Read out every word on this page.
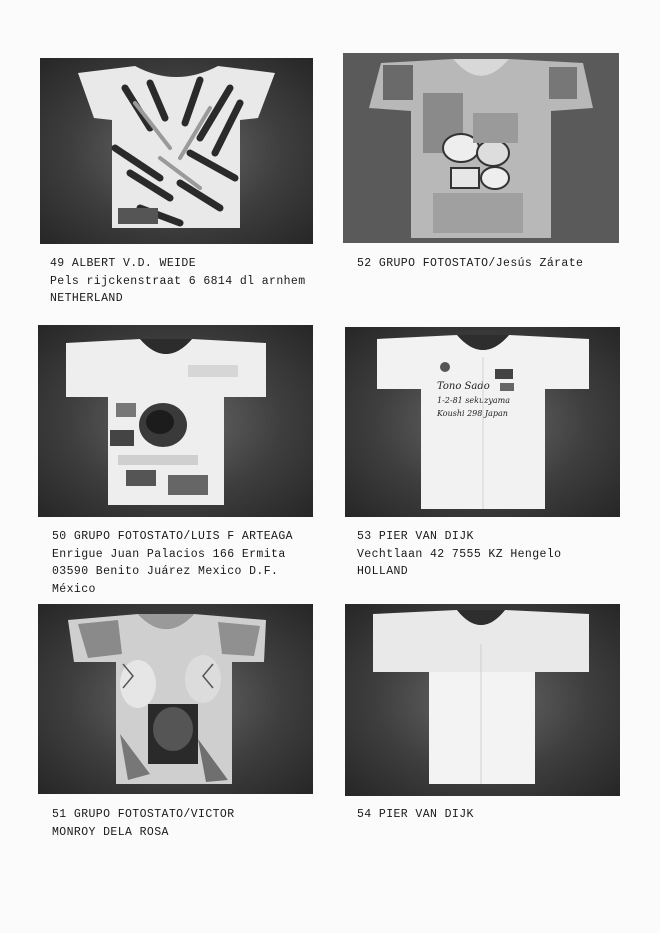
Tono Sado
1-2-81 sekuzyama
Koushi 298 Japan
49 ALBERT V.D. WEIDE
Pels rijckenstraat 6 6814 dl arnhem
NETHERLAND
52 GRUPO FOTOSTATO/Jesús Zárate
50 GRUPO FOTOSTATO/LUIS F ARTEAGA
Enrigue Juan Palacios 166 Ermita
03590 Benito Juárez Mexico D.F.
México
53 PIER VAN DIJK
Vechtlaan 42 7555 KZ Hengelo
HOLLAND
51 GRUPO FOTOSTATO/VICTOR
MONROY DELA ROSA
54 PIER VAN DIJK
